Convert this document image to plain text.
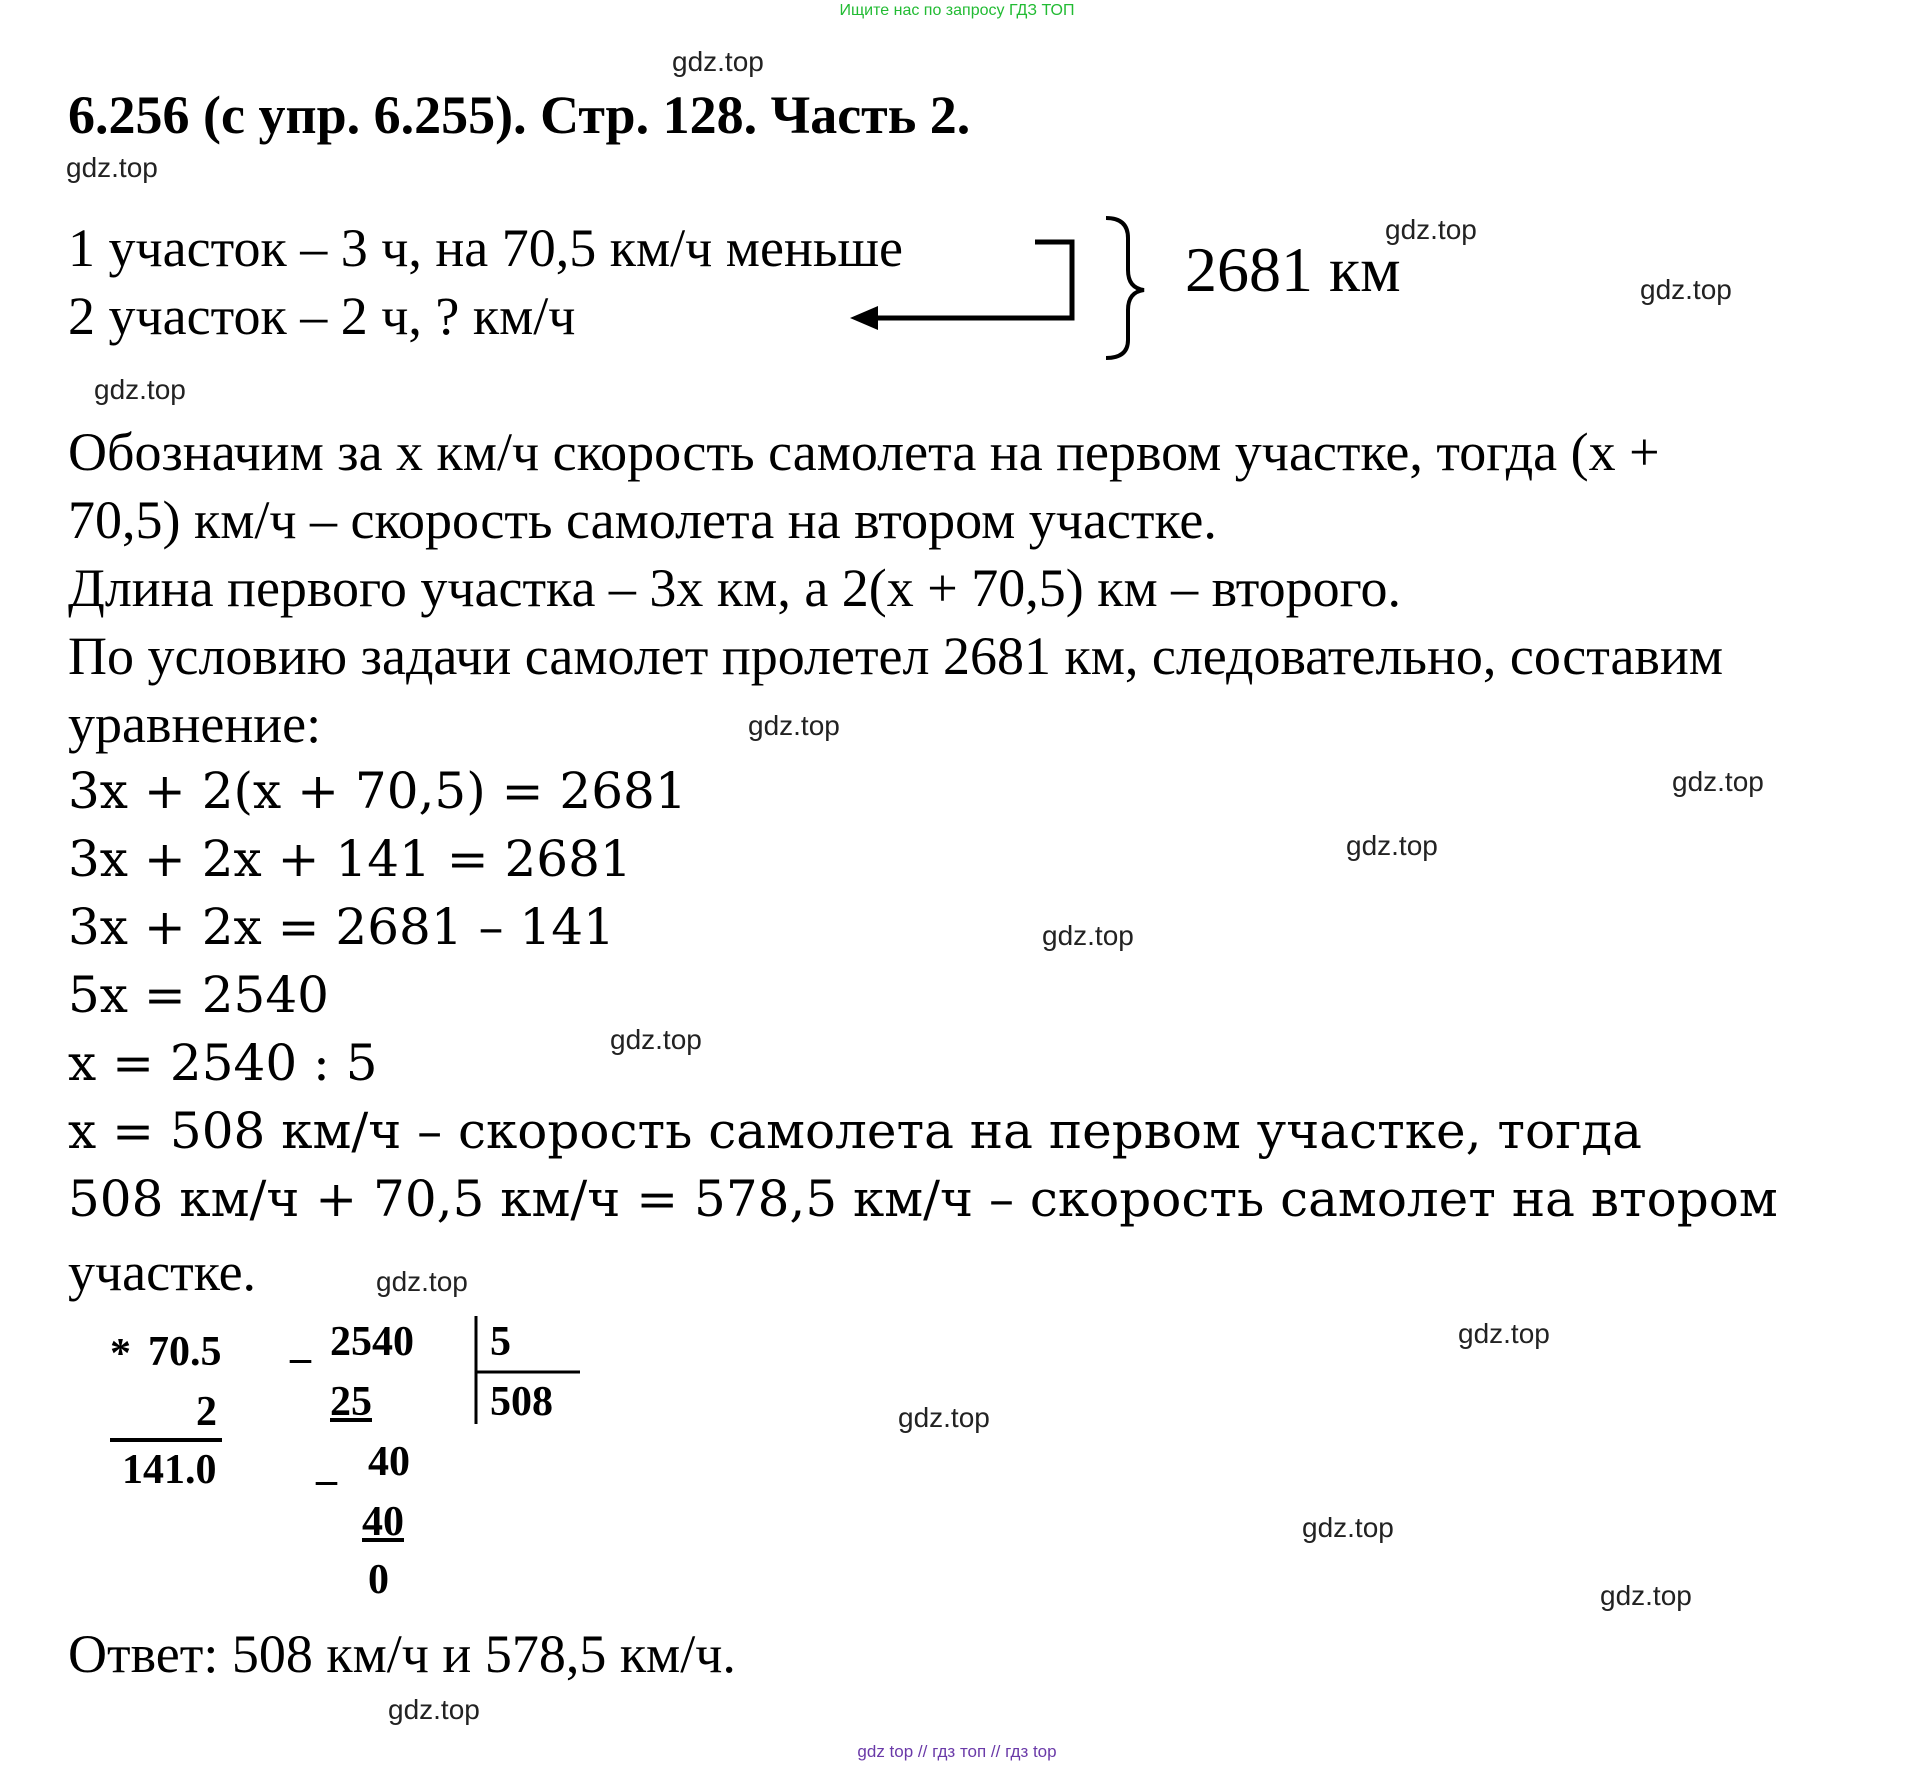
Ищите нас по запросу ГДЗ ТОП
6.256 (с упр. 6.255). Стр. 128. Часть 2.
1 участок – 3 ч, на 70,5 км/ч меньше
2 участок – 2 ч, ? км/ч
2681 км
Обозначим за x км/ч скорость самолета на первом участке, тогда (x +
70,5) км/ч – скорость самолета на втором участке.
Длина первого участка – 3x км, а 2(x + 70,5) км – второго.
По условию задачи самолет пролетел 2681 км, следовательно, составим
уравнение:
3x + 2(x + 70,5) = 2681
3x + 2x + 141 = 2681
3x + 2x = 2681 – 141
5x = 2540
x = 2540 : 5
x = 508 км/ч – скорость самолета на первом участке, тогда
508 км/ч + 70,5 км/ч = 578,5 км/ч – скорость самолет на втором
участке.
* 70.5
2
141.0
_ 2540 5
508
25
_ 40
40
0
Ответ: 508 км/ч и 578,5 км/ч.
gdz.top
gdz.top
gdz.top
gdz.top
gdz.top
gdz.top
gdz.top
gdz.top
gdz.top
gdz.top
gdz.top
gdz.top
gdz.top
gdz.top
gdz.top
gdz.top
gdz top // гдз топ // гдз top
